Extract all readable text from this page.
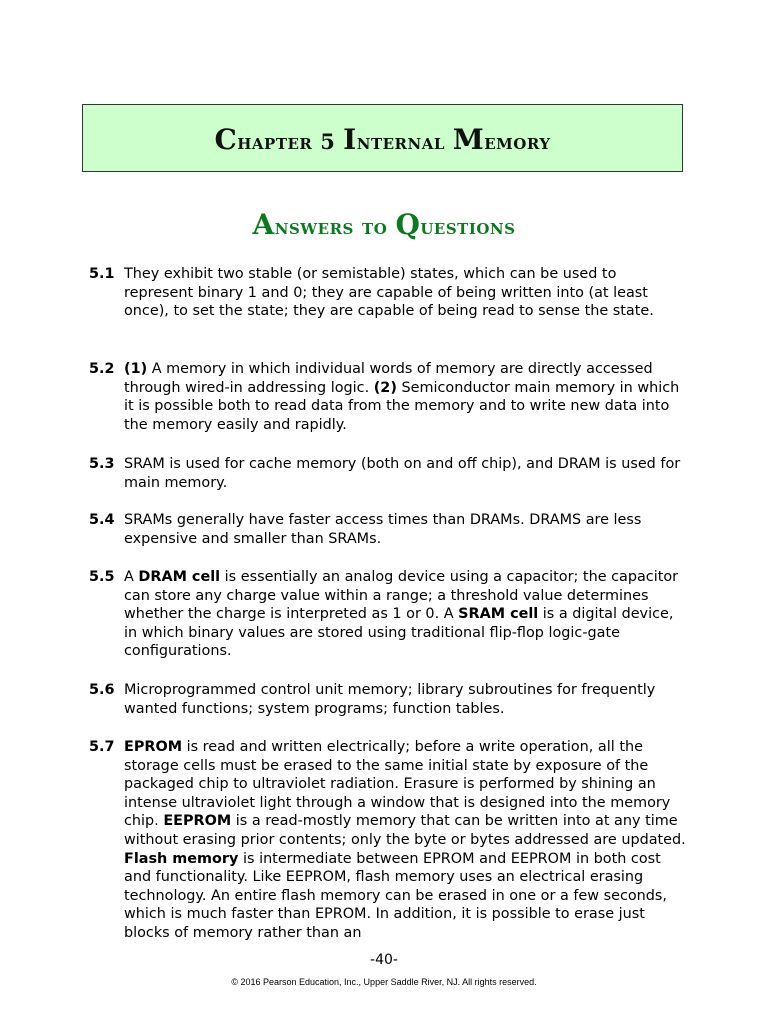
Chapter 5 Internal Memory
Answers to Questions
5.1 They exhibit two stable (or semistable) states, which can be used to represent binary 1 and 0; they are capable of being written into (at least once), to set the state; they are capable of being read to sense the state.
5.2 (1) A memory in which individual words of memory are directly accessed through wired-in addressing logic. (2) Semiconductor main memory in which it is possible both to read data from the memory and to write new data into the memory easily and rapidly.
5.3 SRAM is used for cache memory (both on and off chip), and DRAM is used for main memory.
5.4 SRAMs generally have faster access times than DRAMs. DRAMS are less expensive and smaller than SRAMs.
5.5 A DRAM cell is essentially an analog device using a capacitor; the capacitor can store any charge value within a range; a threshold value determines whether the charge is interpreted as 1 or 0. A SRAM cell is a digital device, in which binary values are stored using traditional flip-flop logic-gate configurations.
5.6 Microprogrammed control unit memory; library subroutines for frequently wanted functions; system programs; function tables.
5.7 EPROM is read and written electrically; before a write operation, all the storage cells must be erased to the same initial state by exposure of the packaged chip to ultraviolet radiation. Erasure is performed by shining an intense ultraviolet light through a window that is designed into the memory chip. EEPROM is a read-mostly memory that can be written into at any time without erasing prior contents; only the byte or bytes addressed are updated. Flash memory is intermediate between EPROM and EEPROM in both cost and functionality. Like EEPROM, flash memory uses an electrical erasing technology. An entire flash memory can be erased in one or a few seconds, which is much faster than EPROM. In addition, it is possible to erase just blocks of memory rather than an
-40-
© 2016 Pearson Education, Inc., Upper Saddle River, NJ. All rights reserved.
